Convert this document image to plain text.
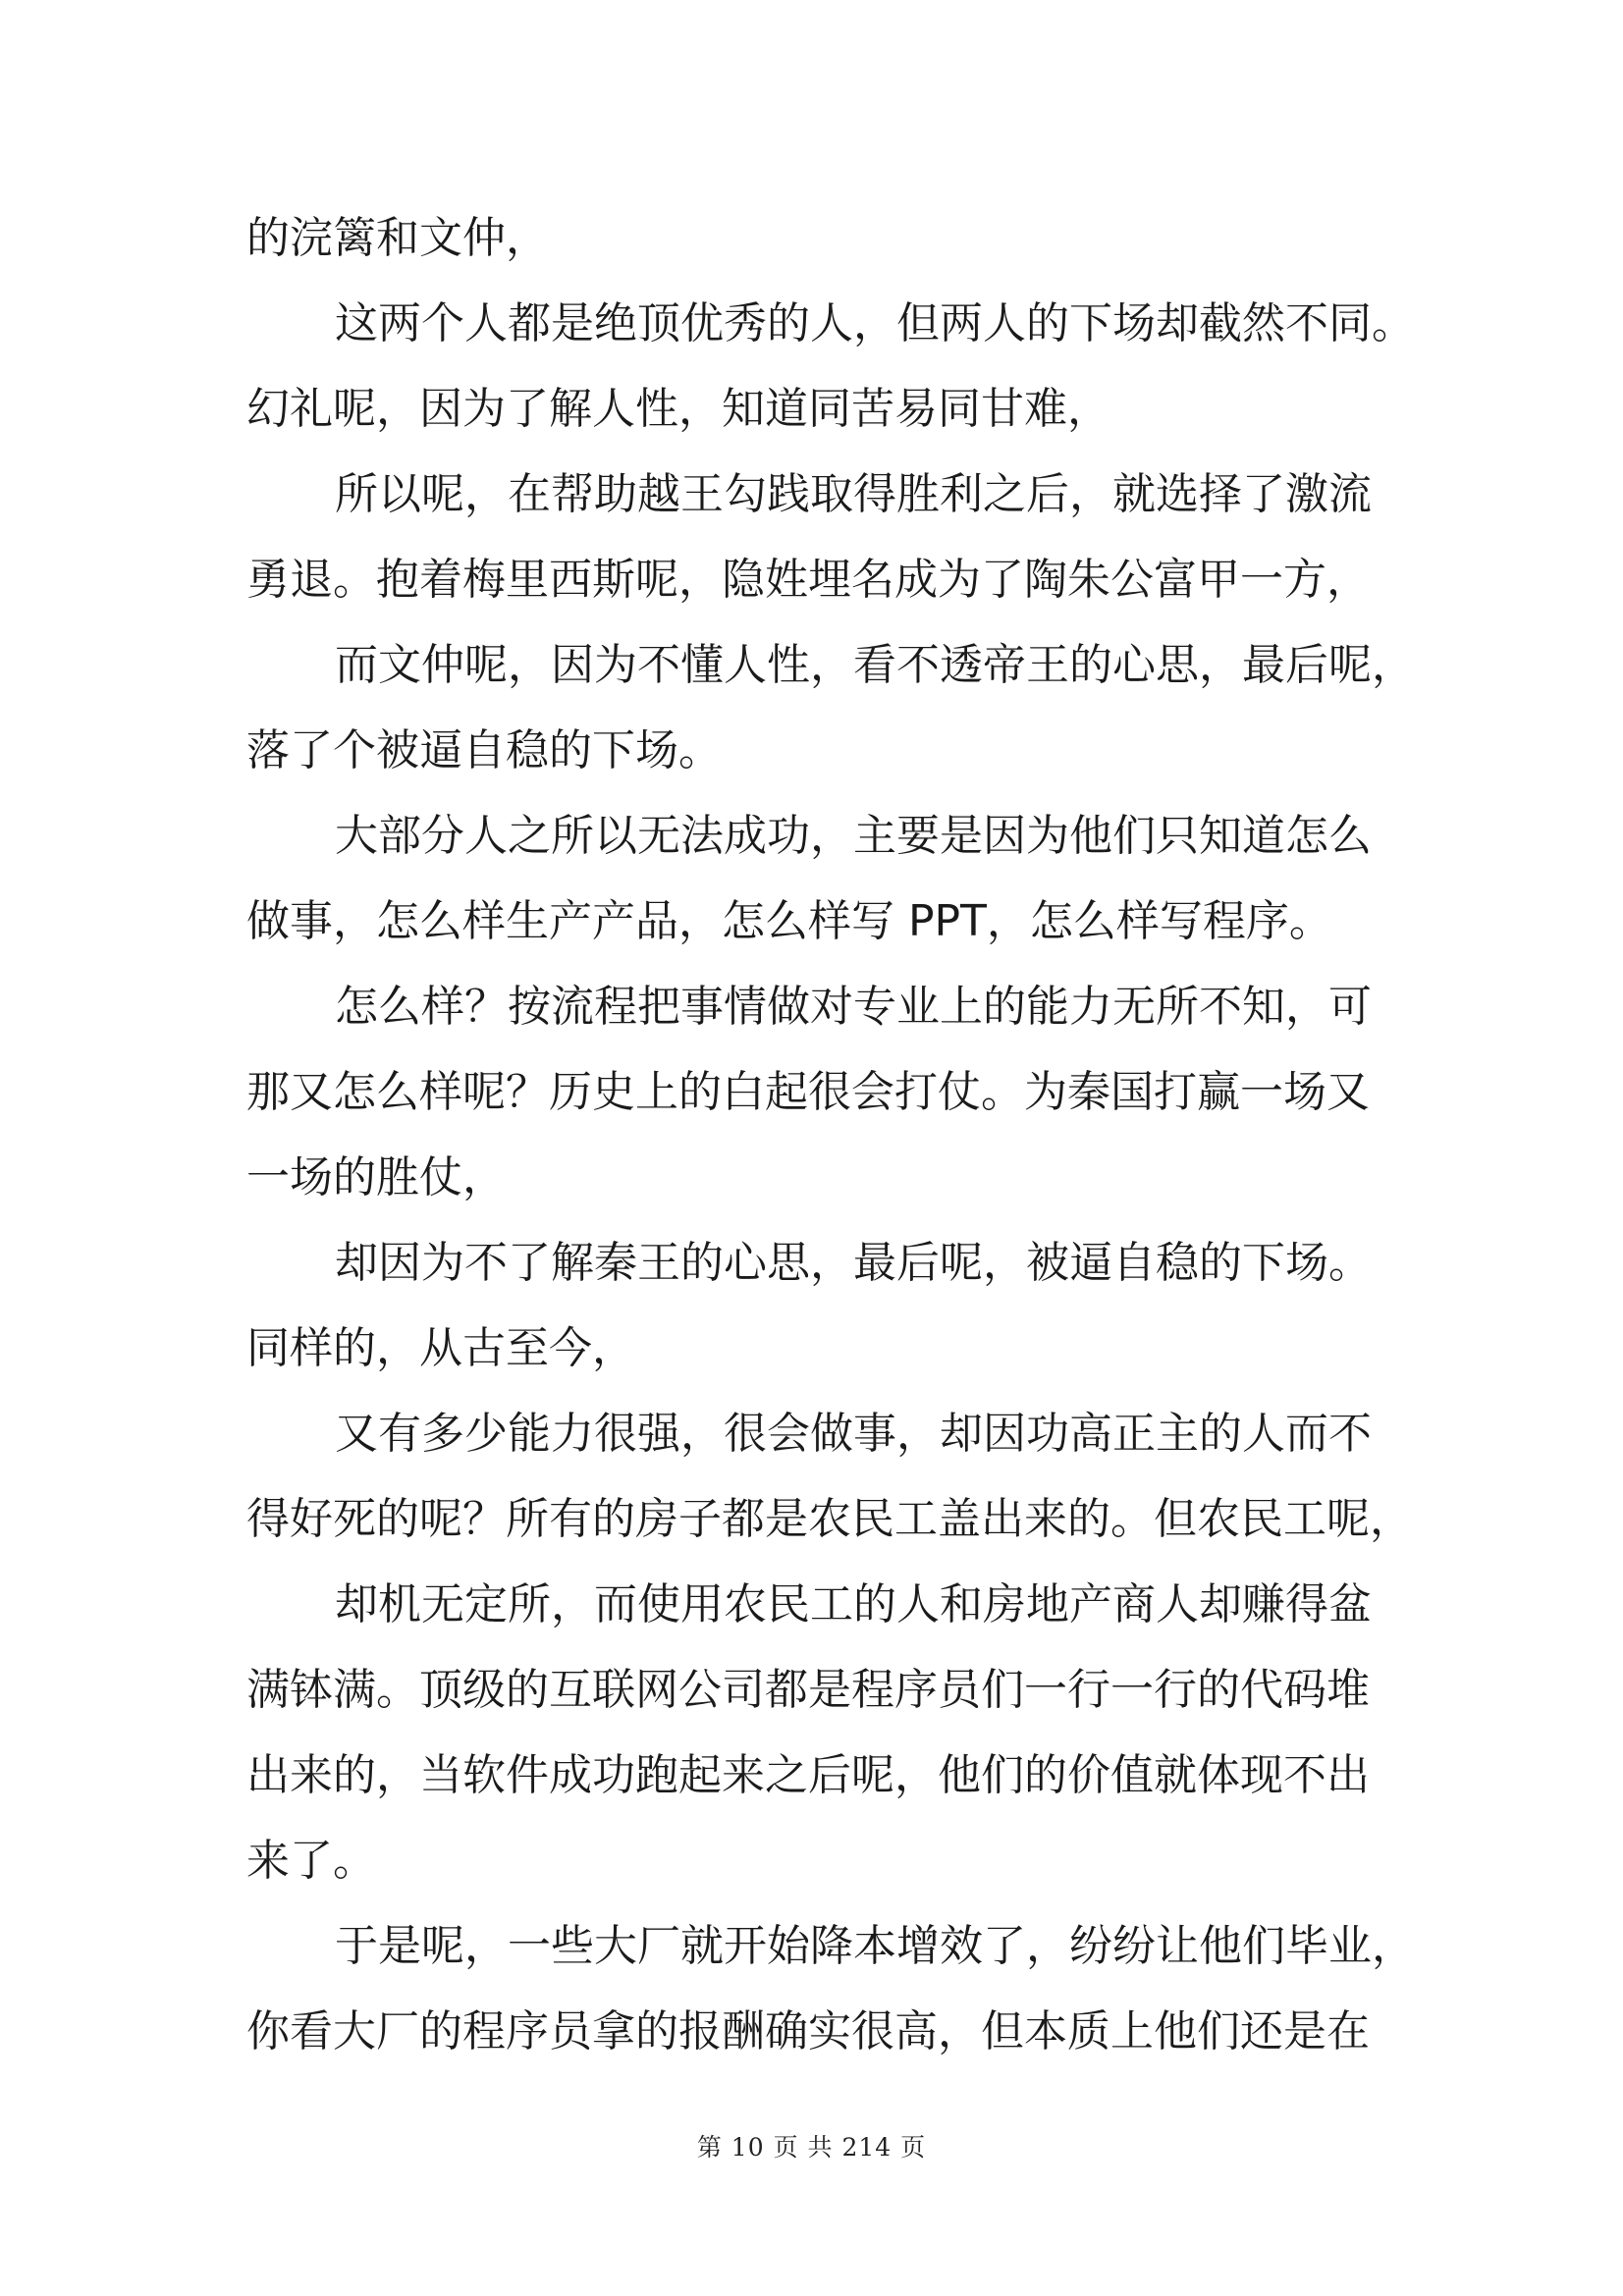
的浣篱和文仲，
这两个人都是绝顶优秀的人，但两人的下场却截然不同。
幻礼呢，因为了解人性，知道同苦易同甘难，
所以呢，在帮助越王勾践取得胜利之后，就选择了激流
勇退。抱着梅里西斯呢，隐姓埋名成为了陶朱公富甲一方，
而文仲呢，因为不懂人性，看不透帝王的心思，最后呢，
落了个被逼自稳的下场。
大部分人之所以无法成功，主要是因为他们只知道怎么
做事，怎么样生产产品，怎么样写 PPT，怎么样写程序。
怎么样？按流程把事情做对专业上的能力无所不知，可
那又怎么样呢？历史上的白起很会打仗。为秦国打赢一场又
一场的胜仗，
却因为不了解秦王的心思，最后呢，被逼自稳的下场。
同样的，从古至今，
又有多少能力很强，很会做事，却因功高正主的人而不
得好死的呢？所有的房子都是农民工盖出来的。但农民工呢，
却机无定所，而使用农民工的人和房地产商人却赚得盆
满钵满。顶级的互联网公司都是程序员们一行一行的代码堆
出来的，当软件成功跑起来之后呢，他们的价值就体现不出
来了。
于是呢，一些大厂就开始降本增效了，纷纷让他们毕业，
你看大厂的程序员拿的报酬确实很高，但本质上他们还是在
第 10 页 共 214 页
